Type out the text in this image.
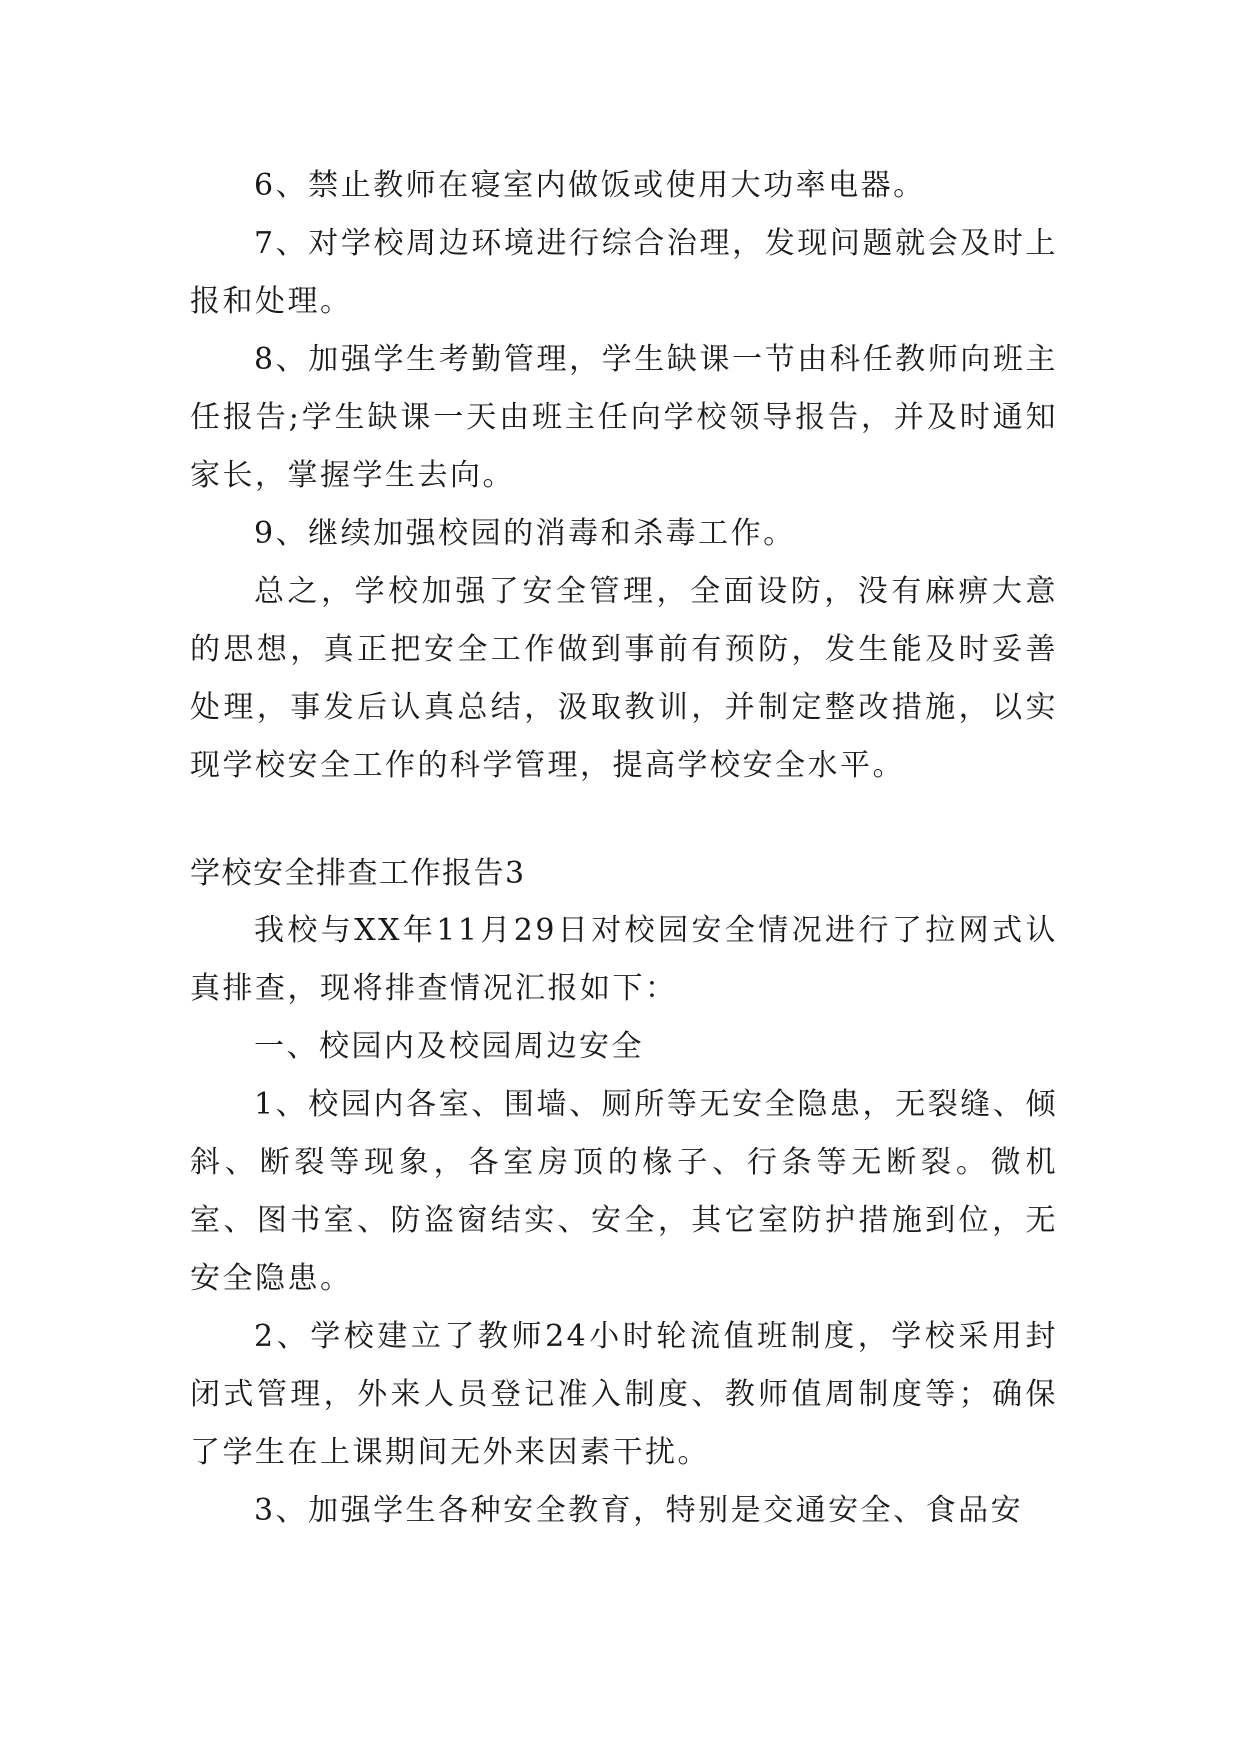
6、禁止教师在寝室内做饭或使用大功率电器。

7、对学校周边环境进行综合治理，发现问题就会及时上报和处理。

8、加强学生考勤管理，学生缺课一节由科任教师向班主任报告;学生缺课一天由班主任向学校领导报告，并及时通知家长，掌握学生去向。

9、继续加强校园的消毒和杀毒工作。

总之，学校加强了安全管理，全面设防，没有麻痹大意的思想，真正把安全工作做到事前有预防，发生能及时妥善处理，事发后认真总结，汲取教训，并制定整改措施，以实现学校安全工作的科学管理，提高学校安全水平。

学校安全排查工作报告3

我校与XX年11月29日对校园安全情况进行了拉网式认真排查，现将排查情况汇报如下：

一、校园内及校园周边安全

1、校园内各室、围墙、厕所等无安全隐患，无裂缝、倾斜、断裂等现象，各室房顶的椽子、行条等无断裂。微机室、图书室、防盗窗结实、安全，其它室防护措施到位，无安全隐患。

2、学校建立了教师24小时轮流值班制度，学校采用封闭式管理，外来人员登记准入制度、教师值周制度等；确保了学生在上课期间无外来因素干扰。

3、加强学生各种安全教育，特别是交通安全、食品安
